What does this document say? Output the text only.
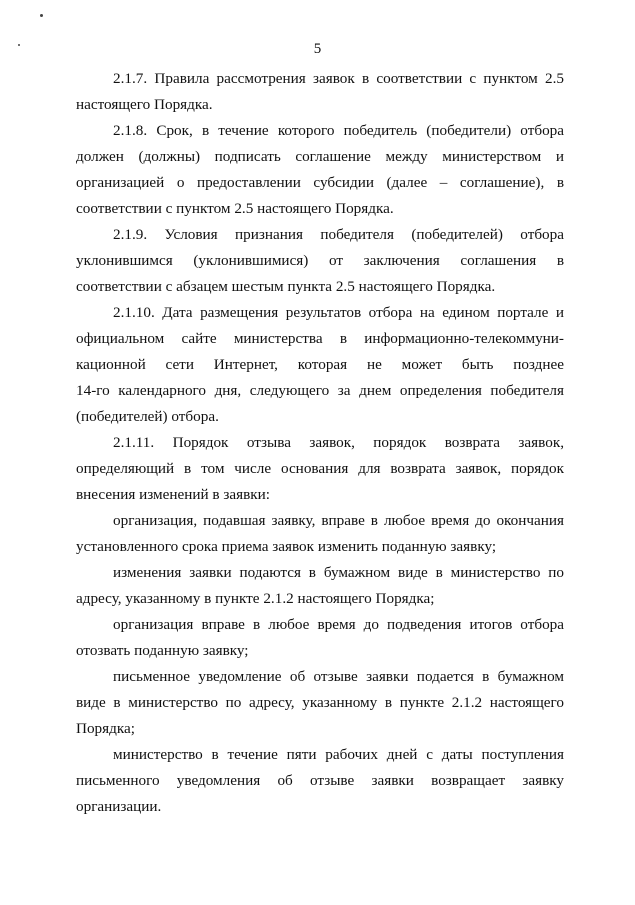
5
2.1.7. Правила рассмотрения заявок в соответствии с пунктом 2.5
настоящего Порядка.
2.1.8. Срок, в течение которого победитель (победители) отбора
должен (должны) подписать соглашение между министерством и
организацией о предоставлении субсидии (далее – соглашение), в
соответствии с пунктом 2.5 настоящего Порядка.
2.1.9. Условия признания победителя (победителей) отбора
уклонившимся (уклонившимися) от заключения соглашения в
соответствии с абзацем шестым пункта 2.5 настоящего Порядка.
2.1.10. Дата размещения результатов отбора на едином портале и
официальном сайте министерства в информационно-телекоммуни-
кационной сети Интернет, которая не может быть позднее
14-го календарного дня, следующего за днем определения победителя
(победителей) отбора.
2.1.11. Порядок отзыва заявок, порядок возврата заявок,
определяющий в том числе основания для возврата заявок, порядок
внесения изменений в заявки:
организация, подавшая заявку, вправе в любое время до окончания
установленного срока приема заявок изменить поданную заявку;
изменения заявки подаются в бумажном виде в министерство по
адресу, указанному в пункте 2.1.2 настоящего Порядка;
организация вправе в любое время до подведения итогов отбора
отозвать поданную заявку;
письменное уведомление об отзыве заявки подается в бумажном
виде в министерство по адресу, указанному в пункте 2.1.2 настоящего
Порядка;
министерство в течение пяти рабочих дней с даты поступления
письменного уведомления об отзыве заявки возвращает заявку
организации.
